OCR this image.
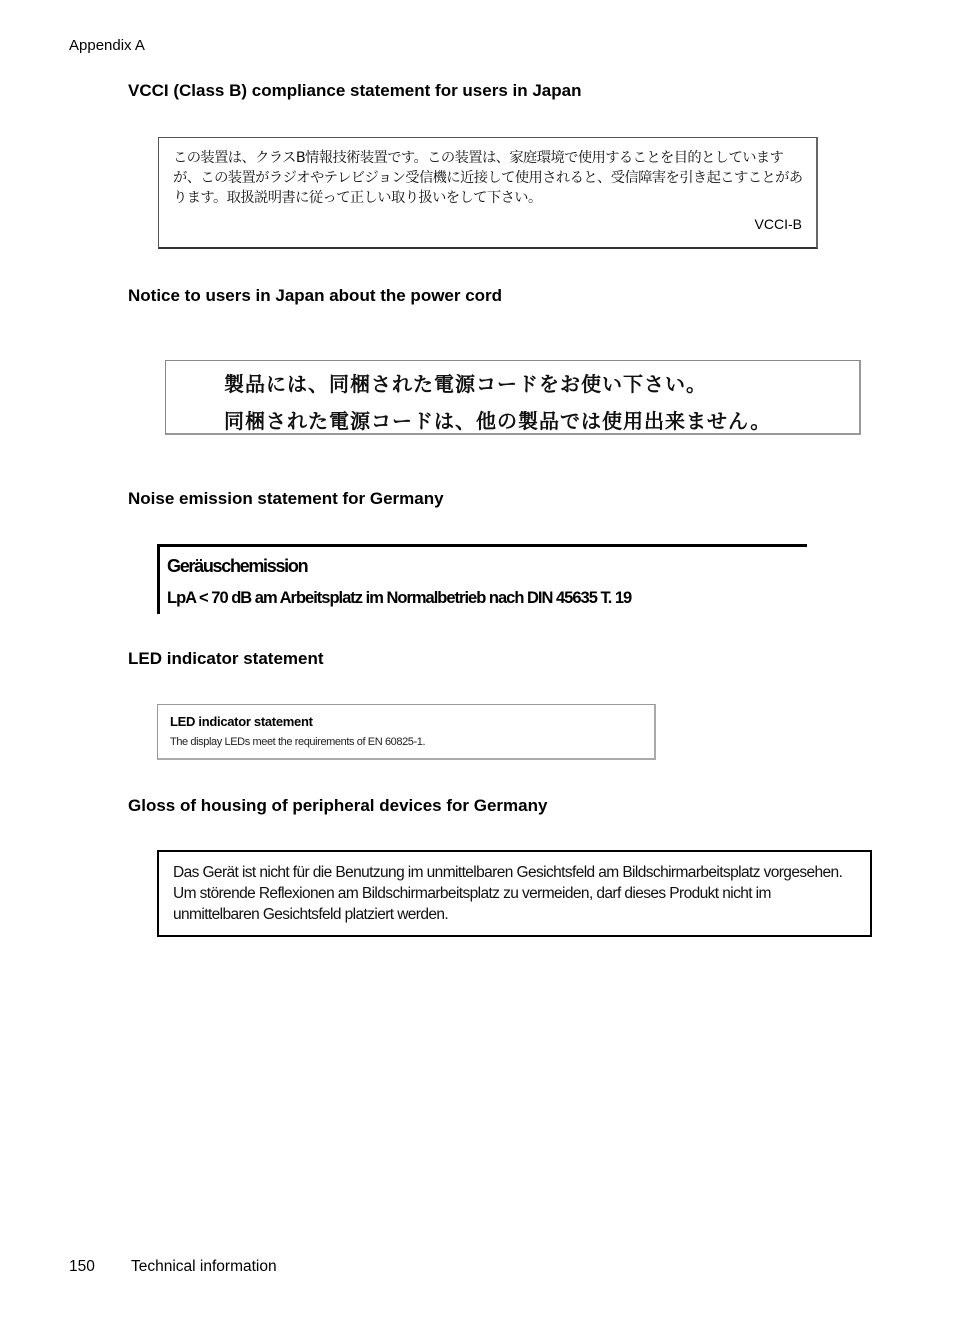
Appendix A
VCCI (Class B) compliance statement for users in Japan
この装置は、クラスB情報技術装置です。この装置は、家庭環境で使用することを目的としていますが、この装置がラジオやテレビジョン受信機に近接して使用されると、受信障害を引き起こすことがあります。取扱説明書に従って正しい取り扱いをして下さい。
VCCI-B
Notice to users in Japan about the power cord
製品には、同梱された電源コードをお使い下さい。
同梱された電源コードは、他の製品では使用出来ません。
Noise emission statement for Germany
Geräuschemission
LpA < 70 dB am Arbeitsplatz im Normalbetrieb nach DIN 45635 T. 19
LED indicator statement
LED indicator statement
The display LEDs meet the requirements of EN 60825-1.
Gloss of housing of peripheral devices for Germany
Das Gerät ist nicht für die Benutzung im unmittelbaren Gesichtsfeld am Bildschirmarbeitsplatz vorgesehen. Um störende Reflexionen am Bildschirmarbeitsplatz zu vermeiden, darf dieses Produkt nicht im unmittelbaren Gesichtsfeld platziert werden.
150 Technical information
